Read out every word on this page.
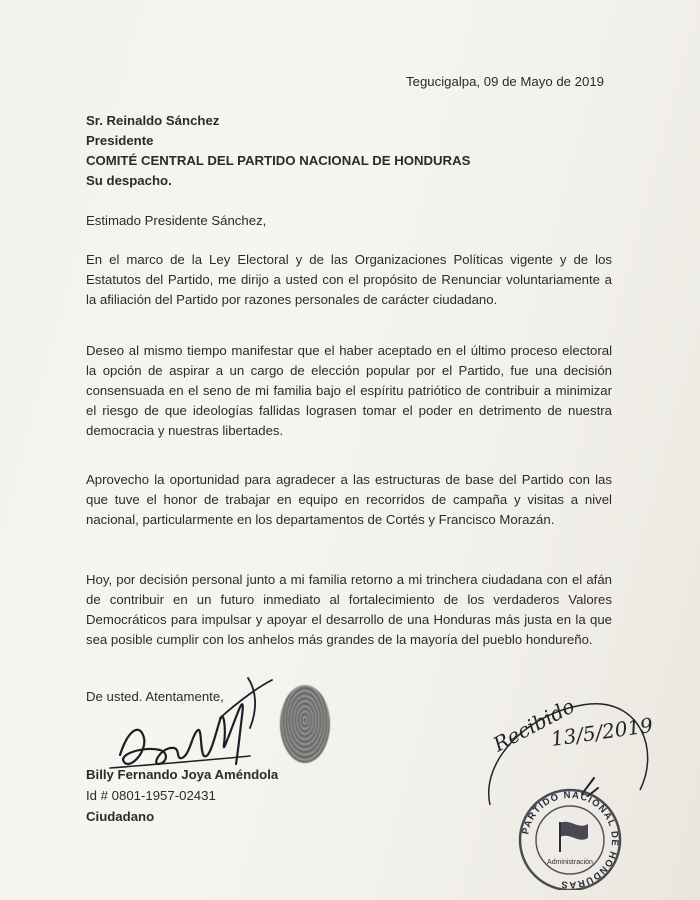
Tegucigalpa, 09 de Mayo de 2019
Sr. Reinaldo Sánchez
Presidente
COMITÉ CENTRAL DEL PARTIDO NACIONAL DE HONDURAS
Su despacho.
Estimado Presidente Sánchez,
En el marco de la Ley Electoral y de las Organizaciones Políticas vigente y de los Estatutos del Partido, me dirijo a usted con el propósito de Renunciar voluntariamente a la afiliación del Partido por razones personales de carácter ciudadano.
Deseo al mismo tiempo manifestar que el haber aceptado en el último proceso electoral la opción de aspirar a un cargo de elección popular por el Partido, fue una decisión consensuada en el seno de mi familia bajo el espíritu patriótico de contribuir a minimizar el riesgo de que ideologías fallidas lograsen tomar el poder en detrimento de nuestra democracia y nuestras libertades.
Aprovecho la oportunidad para agradecer a las estructuras de base del Partido con las que tuve el honor de trabajar en equipo en recorridos de campaña y visitas a nivel nacional, particularmente en los departamentos de Cortés y Francisco Morazán.
Hoy, por decisión personal junto a mi familia retorno a mi trinchera ciudadana con el afán de contribuir en un futuro inmediato al fortalecimiento de los verdaderos Valores Democráticos para impulsar y apoyar el desarrollo de una Honduras más justa en la que sea posible cumplir con los anhelos más grandes de la mayoría del pueblo hondureño.
De usted. Atentamente,
Billy Fernando Joya Améndola
Id # 0801-1957-02431
Ciudadano
Recibido
13/5/2019
PARTIDO NACIONAL DE HONDURAS
Administración
